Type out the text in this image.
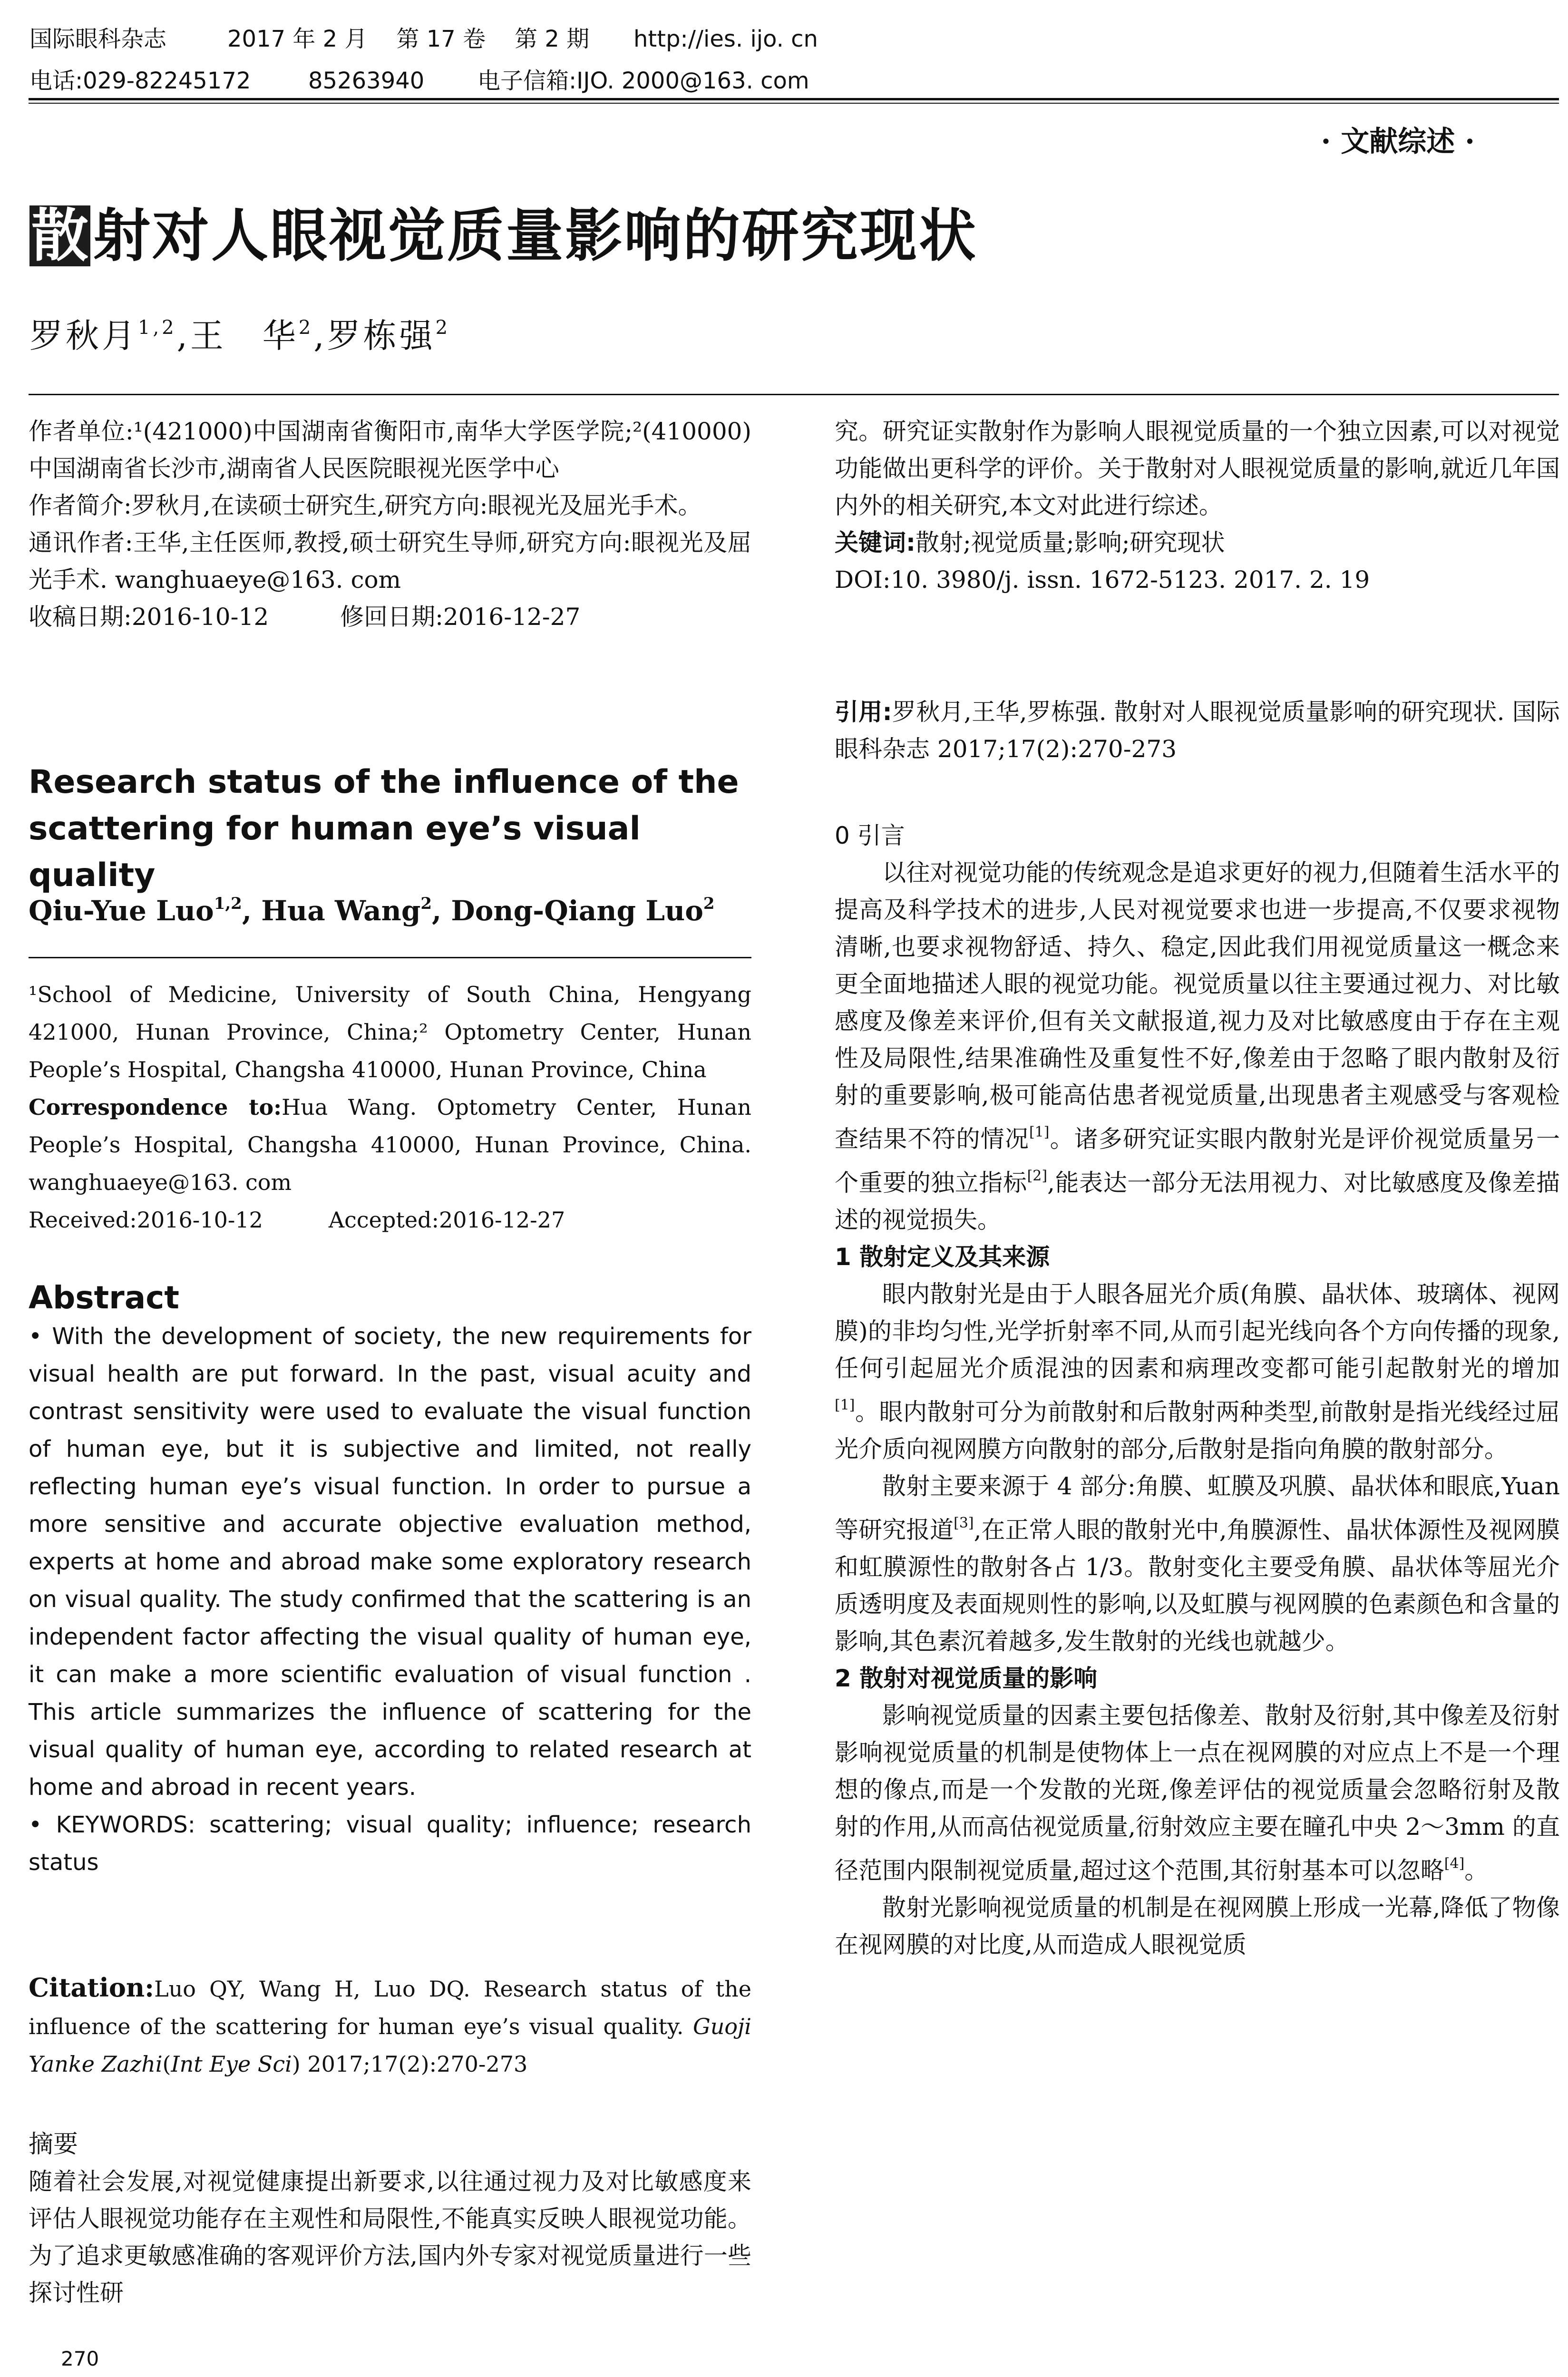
国际眼科杂志	2017 年 2 月    第 17 卷    第 2 期 http://ies. ijo. cn
电话:029-82245172	85263940 电子信箱:IJO. 2000@163. com
· 文献综述 ·
散 射对人眼视觉质量影响的研究现状
罗秋月$^{1,2}$,王　华$^2$,罗栋强$^2$

作者单位:¹(421000)中国湖南省衡阳市,南华大学医学院;²(410000)中国湖南省长沙市,湖南省人民医院眼视光医学中心

作者简介:罗秋月,在读硕士研究生,研究方向:眼视光及屈光手术。

通讯作者:王华,主任医师,教授,硕士研究生导师,研究方向:眼视光及屈光手术. wanghuaeye@163. com

收稿日期:2016-10-12　　　修回日期:2016-12-27

Research status of the influence of the scattering for human eye’s visual quality

Qiu-Yue Luo$^{1,2}$, Hua Wang$^2$, Dong-Qiang Luo$^2$

¹School of Medicine, University of South China, Hengyang 421000, Hunan Province, China;² Optometry Center, Hunan People’s Hospital, Changsha 410000, Hunan Province, China

Correspondence to:Hua Wang. Optometry Center, Hunan People’s Hospital, Changsha 410000, Hunan Province, China. wanghuaeye@163. com

Received:2016-10-12　　　Accepted:2016-12-27

Abstract

• With the development of society, the new requirements for visual health are put forward. In the past, visual acuity and contrast sensitivity were used to evaluate the visual function of human eye, but it is subjective and limited, not really reflecting human eye’s visual function. In order to pursue a more sensitive and accurate objective evaluation method, experts at home and abroad make some exploratory research on visual quality. The study confirmed that the scattering is an independent factor affecting the visual quality of human eye, it can make a more scientific evaluation of visual function . This article summarizes the influence of scattering for the visual quality of human eye, according to related research at home and abroad in recent years.

• KEYWORDS: scattering; visual quality; influence; research status

Citation:Luo QY, Wang H, Luo DQ. Research status of the influence of the scattering for human eye’s visual quality. Guoji Yanke Zazhi(Int Eye Sci) 2017;17(2):270-273

摘要

随着社会发展,对视觉健康提出新要求,以往通过视力及对比敏感度来评估人眼视觉功能存在主观性和局限性,不能真实反映人眼视觉功能。为了追求更敏感准确的客观评价方法,国内外专家对视觉质量进行一些探讨性研

270

究。研究证实散射作为影响人眼视觉质量的一个独立因素,可以对视觉功能做出更科学的评价。关于散射对人眼视觉质量的影响,就近几年国内外的相关研究,本文对此进行综述。

关键词:散射;视觉质量;影响;研究现状

DOI:10. 3980/j. issn. 1672-5123. 2017. 2. 19

引用:罗秋月,王华,罗栋强. 散射对人眼视觉质量影响的研究现状. 国际眼科杂志 2017;17(2):270-273

0 引言

以往对视觉功能的传统观念是追求更好的视力,但随着生活水平的提高及科学技术的进步,人民对视觉要求也进一步提高,不仅要求视物清晰,也要求视物舒适、持久、稳定,因此我们用视觉质量这一概念来更全面地描述人眼的视觉功能。视觉质量以往主要通过视力、对比敏感度及像差来评价,但有关文献报道,视力及对比敏感度由于存在主观性及局限性,结果准确性及重复性不好,像差由于忽略了眼内散射及衍射的重要影响,极可能高估患者视觉质量,出现患者主观感受与客观检查结果不符的情况[1]。诸多研究证实眼内散射光是评价视觉质量另一个重要的独立指标[2],能表达一部分无法用视力、对比敏感度及像差描述的视觉损失。

1 散射定义及其来源

眼内散射光是由于人眼各屈光介质(角膜、晶状体、玻璃体、视网膜)的非均匀性,光学折射率不同,从而引起光线向各个方向传播的现象,任何引起屈光介质混浊的因素和病理改变都可能引起散射光的增加[1]。眼内散射可分为前散射和后散射两种类型,前散射是指光线经过屈光介质向视网膜方向散射的部分,后散射是指向角膜的散射部分。

散射主要来源于 4 部分:角膜、虹膜及巩膜、晶状体和眼底,Yuan 等研究报道[3],在正常人眼的散射光中,角膜源性、晶状体源性及视网膜和虹膜源性的散射各占 1/3。散射变化主要受角膜、晶状体等屈光介质透明度及表面规则性的影响,以及虹膜与视网膜的色素颜色和含量的影响,其色素沉着越多,发生散射的光线也就越少。

2 散射对视觉质量的影响

影响视觉质量的因素主要包括像差、散射及衍射,其中像差及衍射影响视觉质量的机制是使物体上一点在视网膜的对应点上不是一个理想的像点,而是一个发散的光斑,像差评估的视觉质量会忽略衍射及散射的作用,从而高估视觉质量,衍射效应主要在瞳孔中央 2～3mm 的直径范围内限制视觉质量,超过这个范围,其衍射基本可以忽略[4]。

散射光影响视觉质量的机制是在视网膜上形成一光幕,降低了物像在视网膜的对比度,从而造成人眼视觉质
